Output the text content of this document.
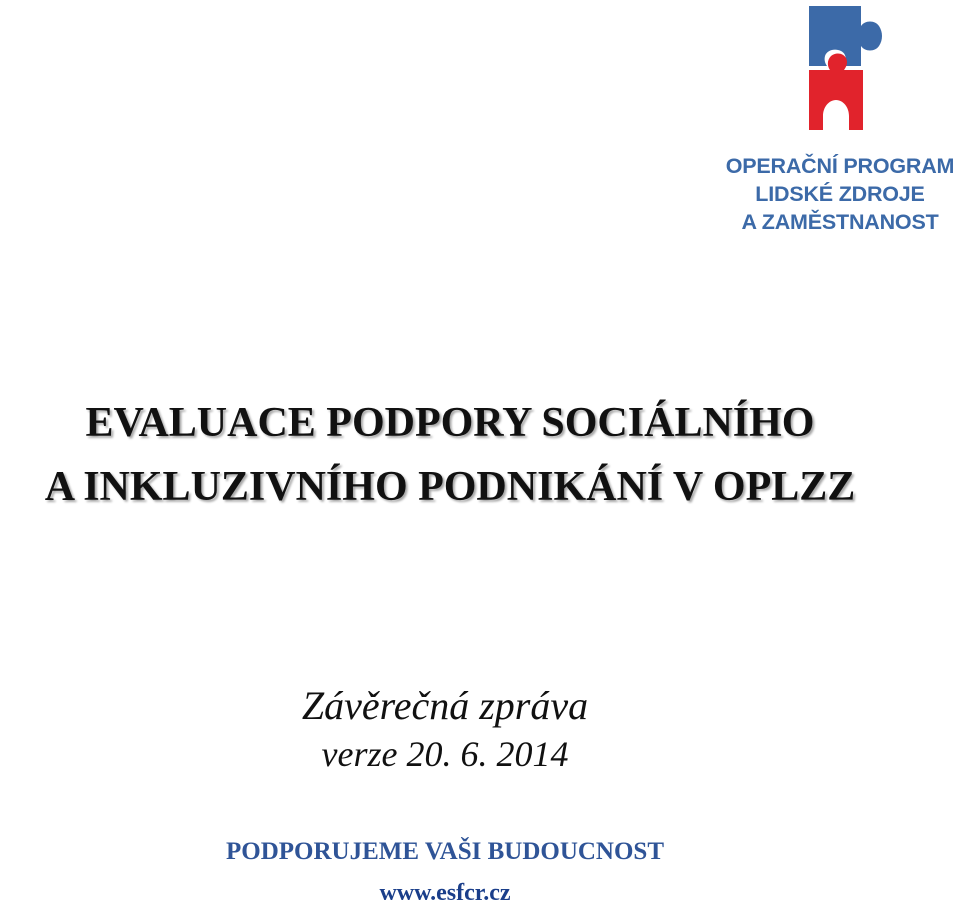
OPERAČNÍ PROGRAM
LIDSKÉ ZDROJE
A ZAMĚSTNANOST
EVALUACE PODPORY SOCIÁLNÍHO
A INKLUZIVNÍHO PODNIKÁNÍ V OPLZZ
Závěrečná zpráva
verze 20. 6. 2014
PODPORUJEME VAŠI BUDOUCNOST
www.esfcr.cz
